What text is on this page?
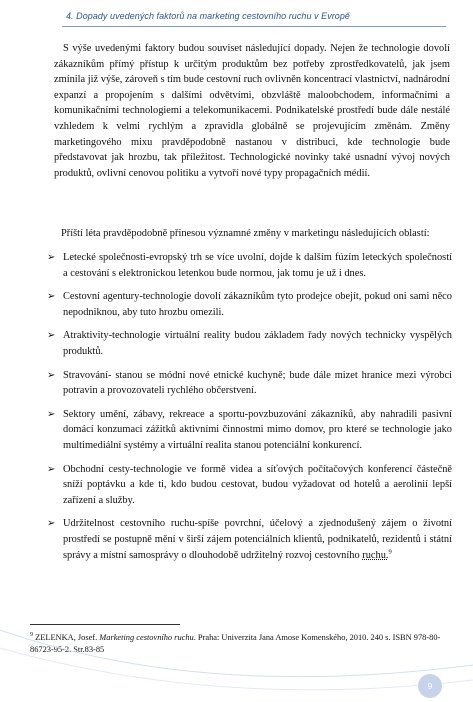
4. Dopady uvedených faktorů na marketing cestovního ruchu v Evropě

S výše uvedenými faktory budou souviset následující dopady. Nejen že technologie dovolí zákazníkům přímý přístup k určitým produktům bez potřeby zprostředkovatelů, jak jsem zmínila již výše, zároveň s tím bude cestovní ruch ovlivněn koncentrací vlastnictví, nadnárodní expanzí a propojením s dalšími odvětvími, obzvláště maloobchodem, informačními a komunikačními technologiemi a telekomunikacemi. Podnikatelské prostředí bude dále nestálé vzhledem k velmi rychlým a zpravidla globálně se projevujícím změnám. Změny marketingového mixu pravděpodobně nastanou v distribuci, kde technologie bude představovat jak hrozbu, tak příležitost. Technologické novinky také usnadní vývoj nových produktů, ovlivní cenovou politiku a vytvoří nové typy propagačních médií.

Příští léta pravděpodobně přinesou významné změny v marketingu následujících oblastí:

➢ Letecké společnosti-evropský trh se více uvolní, dojde k dalším fúzím leteckých společností a cestování s elektronickou letenkou bude normou, jak tomu je už i dnes.
➢ Cestovní agentury-technologie dovolí zákazníkům tyto prodejce obejít, pokud oni sami něco nepodniknou, aby tuto hrozbu omezili.
➢ Atraktivity-technologie virtuální reality budou základem řady nových technicky vyspělých produktů.
➢ Stravování- stanou se módní nové etnické kuchyně; bude dále mizet hranice mezi výrobci potravin a provozovateli rychlého občerstvení.
➢ Sektory umění, zábavy, rekreace a sportu-povzbuzování zákazníků, aby nahradili pasivní domácí konzumaci zážitků aktivními činnostmi mimo domov, pro které se technologie jako multimediální systémy a virtuální realita stanou potenciální konkurencí.
➢ Obchodní cesty-technologie ve formě videa a síťových počítačových konferencí částečně sníží poptávku a kde ti, kdo budou cestovat, budou vyžadovat od hotelů a aerolinií lepší zařízení a služby.
➢ Udržitelnost cestovního ruchu-spíše povrchní, účelový a zjednodušený zájem o životní prostředí se postupně mění v širší zájem potenciálních klientů, podnikatelů, rezidentů i státní správy a místní samosprávy o dlouhodobě udržitelný rozvoj cestovního ruchu.$^9$

$^9$ ZELENKA, Josef. Marketing cestovního ruchu. Praha: Univerzita Jana Amose Komenského, 2010. 240 s. ISBN 978-80-86723-95-2. Str.83-85

9
